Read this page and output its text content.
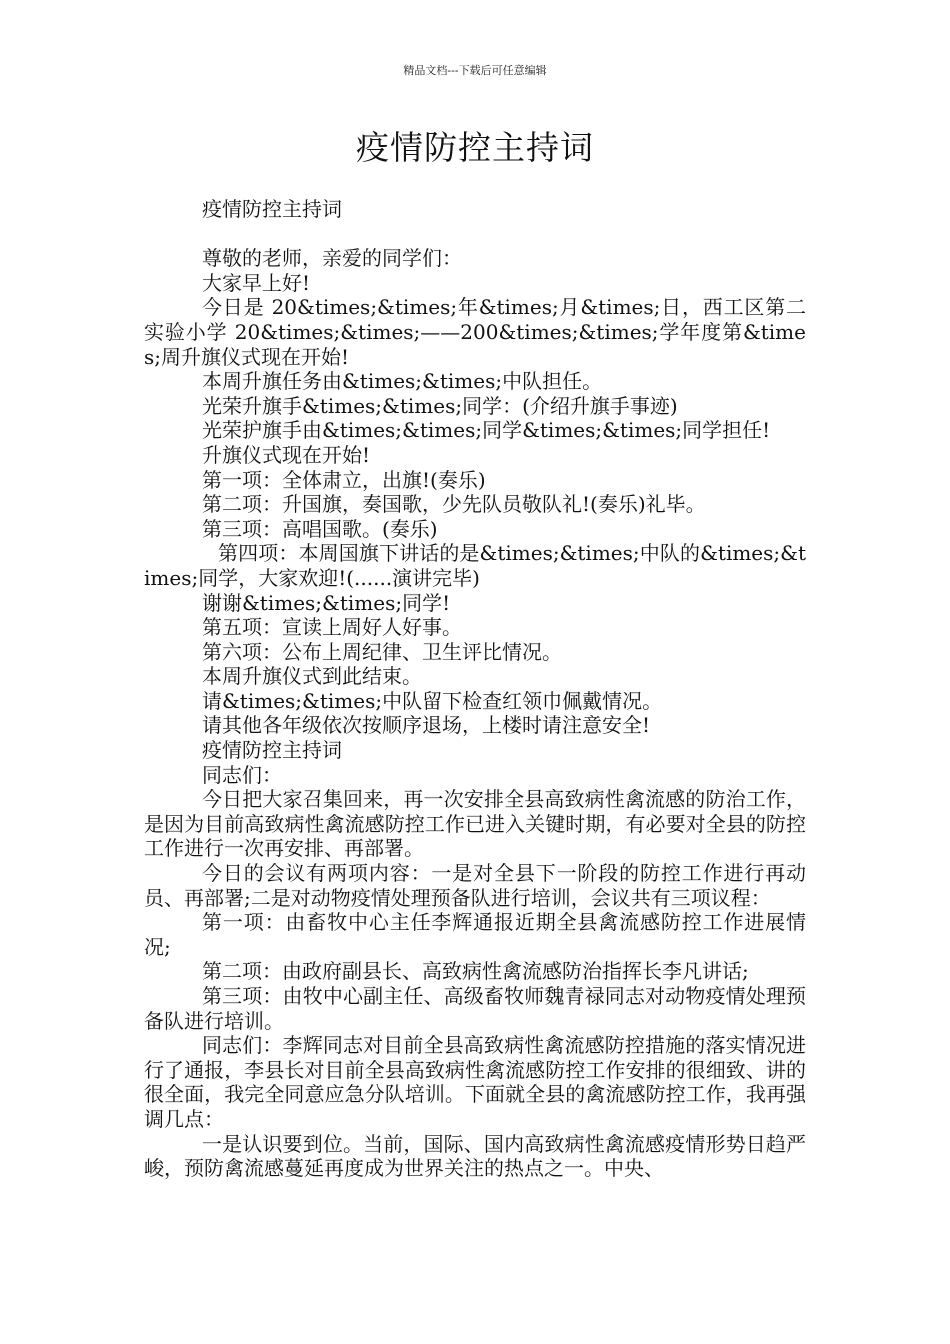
精品文档---下载后可任意编辑
疫情防控主持词

疫情防控主持词

尊敬的老师，亲爱的同学们：

大家早上好!

今日是 20&times;&times;年&times;月&times;日，西工区第二实验小学 20&times;&times;——200&times;&times;学年度第&times;周升旗仪式现在开始!

本周升旗任务由&times;&times;中队担任。

光荣升旗手&times;&times;同学：(介绍升旗手事迹)

光荣护旗手由&times;&times;同学&times;&times;同学担任!

升旗仪式现在开始!

第一项：全体肃立，出旗!(奏乐)

第二项：升国旗，奏国歌，少先队员敬队礼!(奏乐)礼毕。

第三项：高唱国歌。(奏乐)

第四项：本周国旗下讲话的是&times;&times;中队的&times;&times;同学，大家欢迎!(......演讲完毕)

谢谢&times;&times;同学!

第五项：宣读上周好人好事。

第六项：公布上周纪律、卫生评比情况。

本周升旗仪式到此结束。

请&times;&times;中队留下检查红领巾佩戴情况。

请其他各年级依次按顺序退场，上楼时请注意安全!

疫情防控主持词

同志们：

今日把大家召集回来，再一次安排全县高致病性禽流感的防治工作，是因为目前高致病性禽流感防控工作已进入关键时期，有必要对全县的防控工作进行一次再安排、再部署。

今日的会议有两项内容：一是对全县下一阶段的防控工作进行再动员、再部署;二是对动物疫情处理预备队进行培训，会议共有三项议程：

第一项：由畜牧中心主任李辉通报近期全县禽流感防控工作进展情况;

第二项：由政府副县长、高致病性禽流感防治指挥长李凡讲话;

第三项：由牧中心副主任、高级畜牧师魏青禄同志对动物疫情处理预备队进行培训。

同志们：李辉同志对目前全县高致病性禽流感防控措施的落实情况进行了通报，李县长对目前全县高致病性禽流感防控工作安排的很细致、讲的很全面，我完全同意应急分队培训。下面就全县的禽流感防控工作，我再强调几点：

一是认识要到位。当前，国际、国内高致病性禽流感疫情形势日趋严峻，预防禽流感蔓延再度成为世界关注的热点之一。中央、
